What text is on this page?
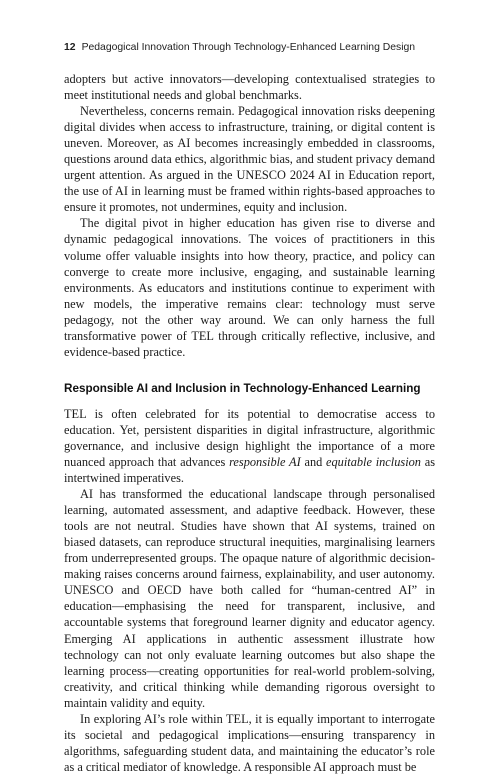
12 Pedagogical Innovation Through Technology-Enhanced Learning Design

adopters but active innovators—developing contextualised strategies to meet institutional needs and global benchmarks.

Nevertheless, concerns remain. Pedagogical innovation risks deepening digital divides when access to infrastructure, training, or digital content is uneven. Moreover, as AI becomes increasingly embedded in classrooms, questions around data ethics, algorithmic bias, and student privacy demand urgent attention. As argued in the UNESCO 2024 AI in Education report, the use of AI in learning must be framed within rights-based approaches to ensure it promotes, not undermines, equity and inclusion.

The digital pivot in higher education has given rise to diverse and dynamic pedagogical innovations. The voices of practitioners in this volume offer valuable insights into how theory, practice, and policy can converge to create more inclusive, engaging, and sustainable learning environments. As educators and institutions continue to experiment with new models, the imperative remains clear: technology must serve pedagogy, not the other way around. We can only harness the full transformative power of TEL through critically reflective, inclusive, and evidence-based practice.

Responsible AI and Inclusion in Technology-Enhanced Learning

TEL is often celebrated for its potential to democratise access to education. Yet, persistent disparities in digital infrastructure, algorithmic governance, and inclusive design highlight the importance of a more nuanced approach that advances responsible AI and equitable inclusion as intertwined imperatives.

AI has transformed the educational landscape through personalised learning, automated assessment, and adaptive feedback. However, these tools are not neutral. Studies have shown that AI systems, trained on biased datasets, can reproduce structural inequities, marginalising learners from underrepresented groups. The opaque nature of algorithmic decision-making raises concerns around fairness, explainability, and user autonomy. UNESCO and OECD have both called for “human-centred AI” in education—emphasising the need for transparent, inclusive, and accountable systems that foreground learner dignity and educator agency. Emerging AI applications in authentic assessment illustrate how technology can not only evaluate learning outcomes but also shape the learning process—creating opportunities for real-world problem-solving, creativity, and critical thinking while demanding rigorous oversight to maintain validity and equity.

In exploring AI’s role within TEL, it is equally important to interrogate its societal and pedagogical implications—ensuring transparency in algorithms, safeguarding student data, and maintaining the educator’s role as a critical mediator of knowledge. A responsible AI approach must be
